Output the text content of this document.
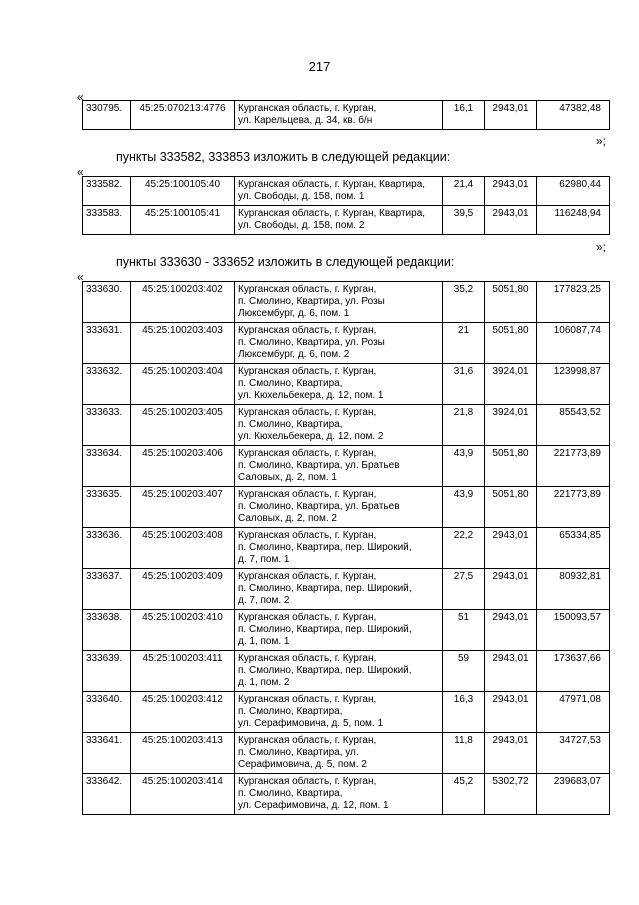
217
«
330795.	45:25:070213:4776	Курганская область, г. Курган,
ул. Карельцева, д. 34, кв. б/н
	16,1	2943,01	47382,48
»;
пункты 333582, 333853 изложить в следующей редакции:
«
333582.	45:25:100105:40	Курганская область, г. Курган, Квартира,
ул. Свободы, д. 158, пом. 1	21,4	2943,01	62980,44
333583.	45:25:100105:41	Курганская область, г. Курган, Квартира,
ул. Свободы, д. 158, пом. 2	39,5	2943,01	116248,94
»;
пункты 333630 - 333652 изложить в следующей редакции:
«
333630.	45:25:100203:402	Курганская область, г. Курган,
п. Смолино, Квартира, ул. Розы
Люксембург, д. 6, пом. 1	35,2	5051,80	177823,25
333631.	45:25:100203:403	Курганская область, г. Курган,
п. Смолино, Квартира, ул. Розы
Люксембург, д. 6, пом. 2	21	5051,80	106087,74
333632.	45:25:100203:404	Курганская область, г. Курган,
п. Смолино, Квартира,
ул. Кюхельбекера, д. 12, пом. 1	31,6	3924,01	123998,87
333633.	45:25:100203:405	Курганская область, г. Курган,
п. Смолино, Квартира,
ул. Кюхельбекера, д. 12, пом. 2	21,8	3924,01	85543,52
333634.	45:25:100203:406	Курганская область, г. Курган,
п. Смолино, Квартира, ул. Братьев
Саловых, д. 2, пом. 1	43,9	5051,80	221773,89
333635.	45:25:100203:407	Курганская область, г. Курган,
п. Смолино, Квартира, ул. Братьев
Саловых, д. 2, пом. 2	43,9	5051,80	221773,89
333636.	45:25:100203:408	Курганская область, г. Курган,
п. Смолино, Квартира, пер. Широкий,
д. 7, пом. 1	22,2	2943,01	65334,85
333637.	45:25:100203:409	Курганская область, г. Курган,
п. Смолино, Квартира, пер. Широкий,
д. 7, пом. 2	27,5	2943,01	80932,81
333638.	45:25:100203:410	Курганская область, г. Курган,
п. Смолино, Квартира, пер. Широкий,
д. 1, пом. 1	51	2943,01	150093,57
333639.	45:25:100203:411	Курганская область, г. Курган,
п. Смолино, Квартира, пер. Широкий,
д. 1, пом. 2	59	2943,01	173637,66
333640.	45:25:100203:412	Курганская область, г. Курган,
п. Смолино, Квартира,
ул. Серафимовича, д. 5, пом. 1	16,3	2943,01	47971,08
333641.	45:25:100203:413	Курганская область, г. Курган,
п. Смолино, Квартира, ул.
Серафимовича, д. 5, пом. 2	11,8	2943,01	34727,53
333642.	45:25:100203:414	Курганская область, г. Курган,
п. Смолино, Квартира,
ул. Серафимовича, д. 12, пом. 1	45,2	5302,72	239683,07
